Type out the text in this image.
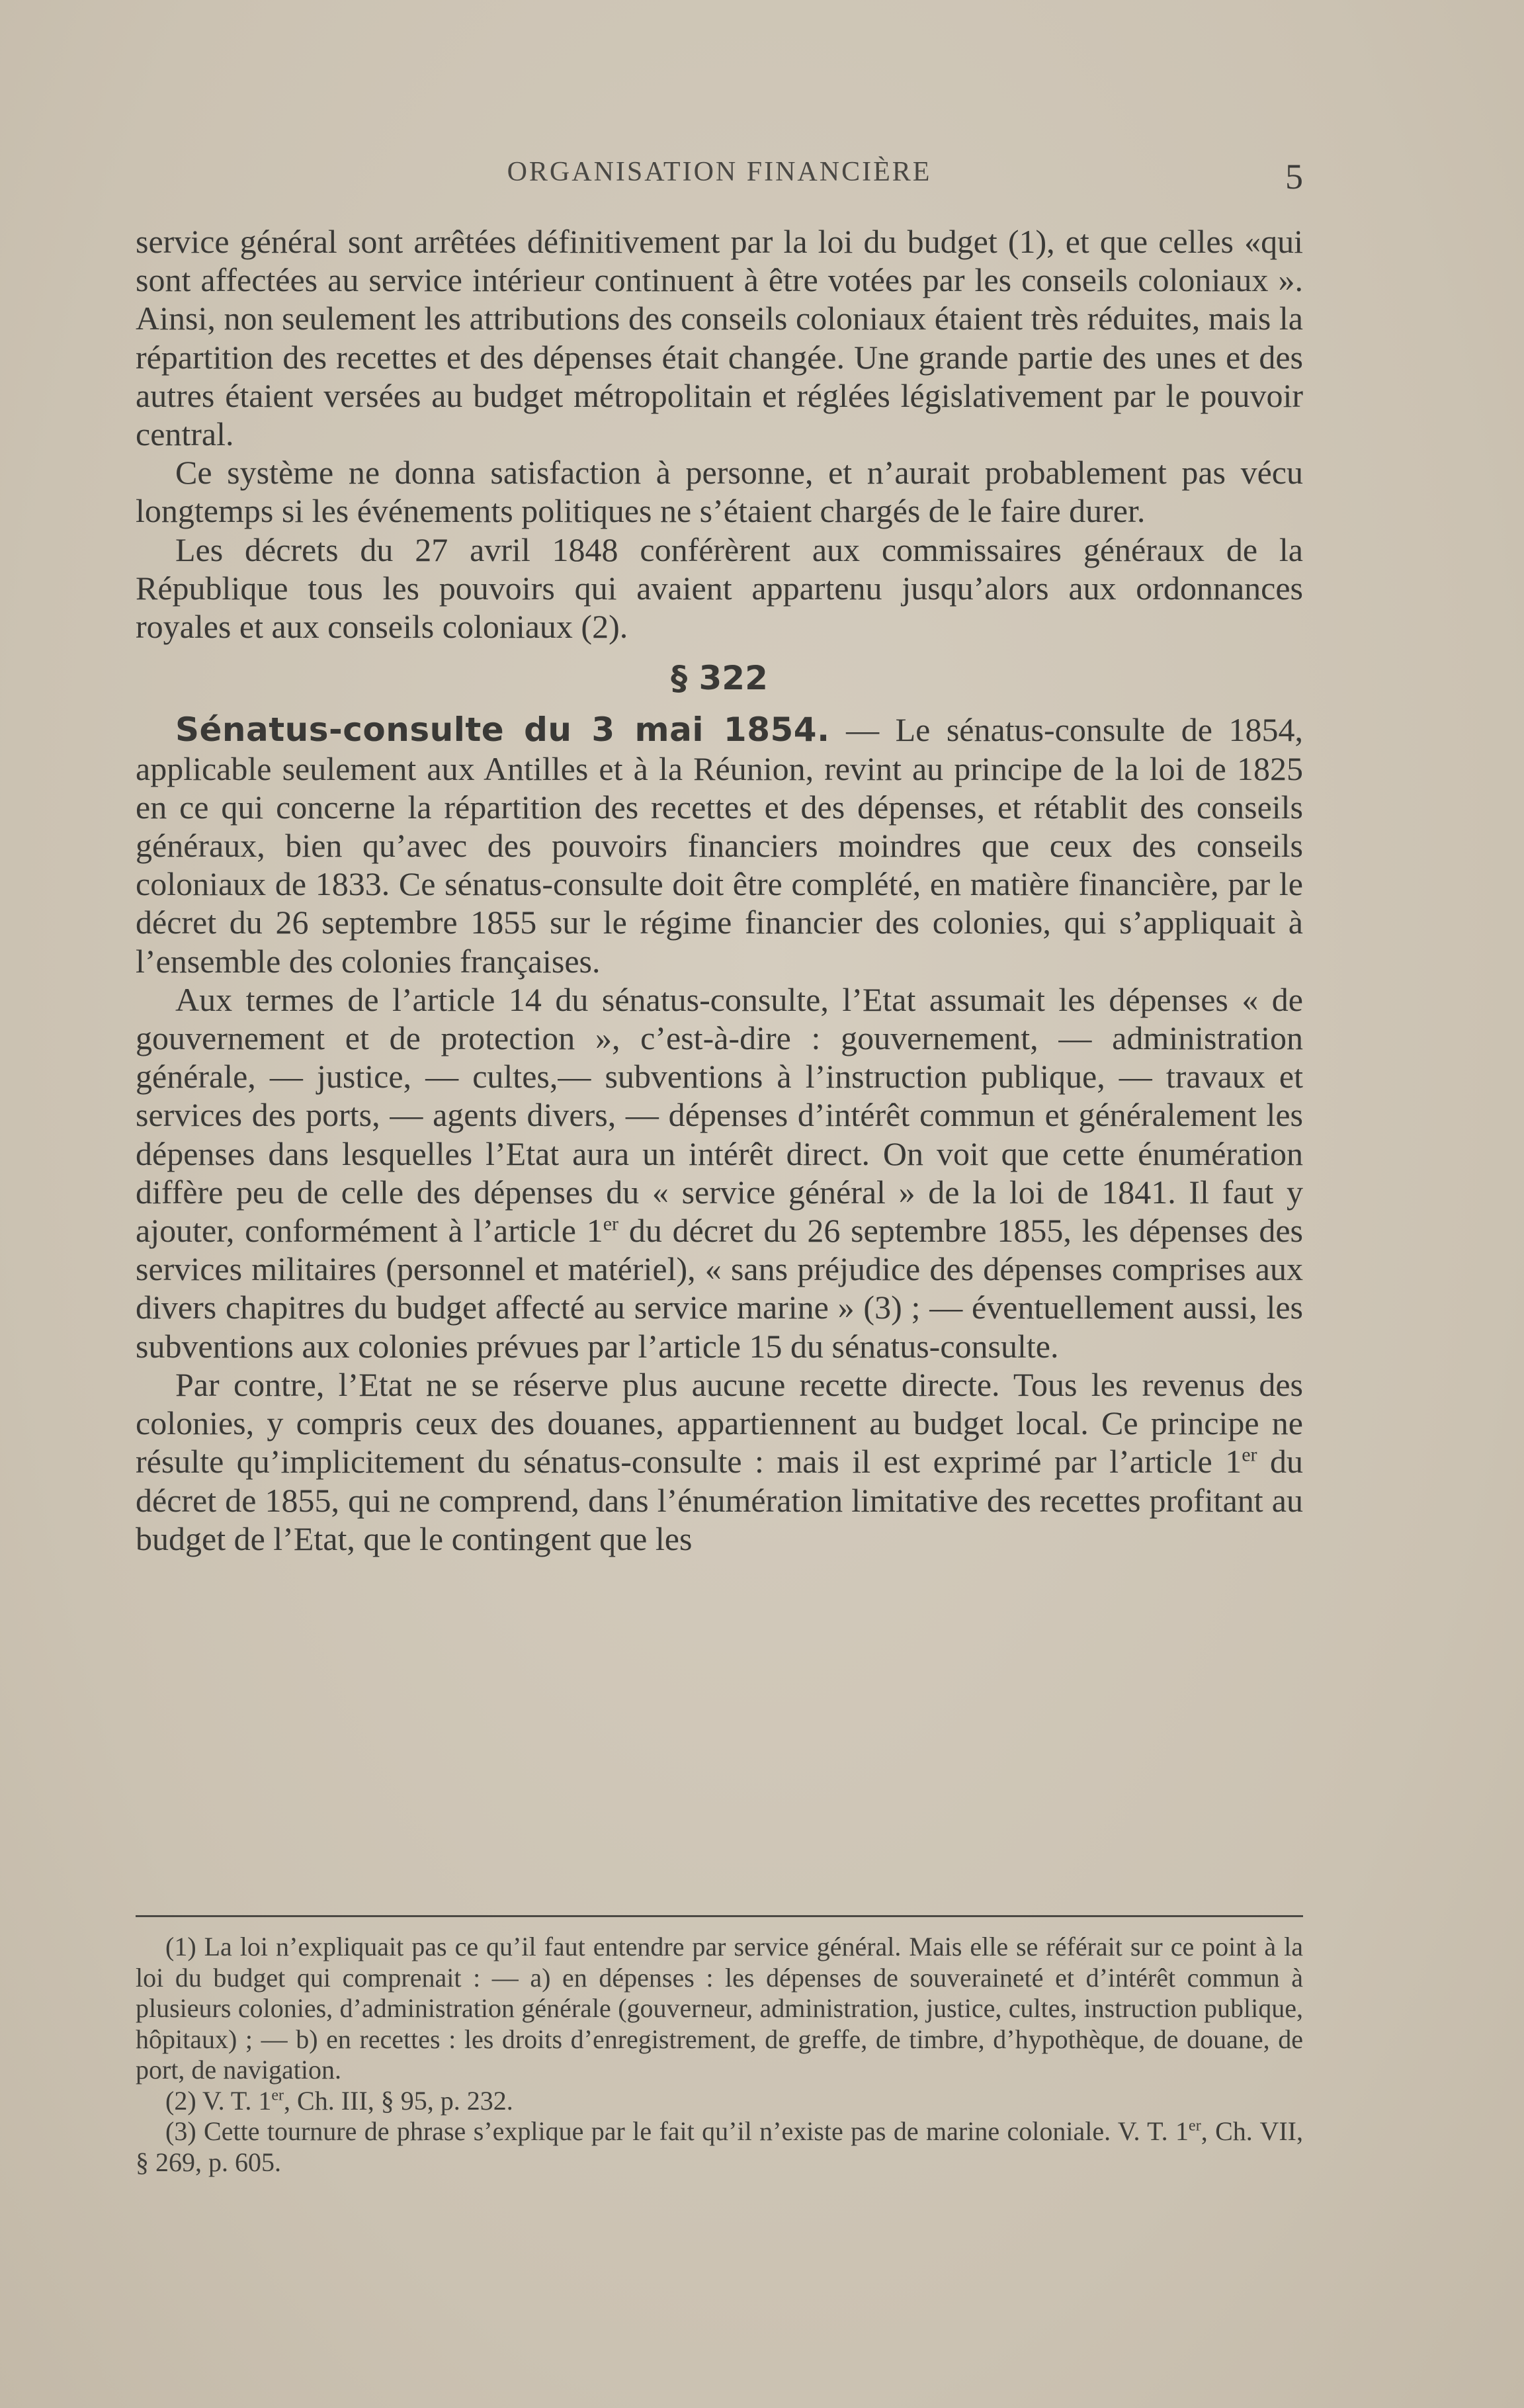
ORGANISATION FINANCIÈRE	5

service général sont arrêtées définitivement par la loi du budget (1), et que celles «qui sont affectées au service intérieur continuent à être votées par les conseils coloniaux ». Ainsi, non seulement les attributions des conseils coloniaux étaient très réduites, mais la répartition des recettes et des dépenses était changée. Une grande partie des unes et des autres étaient versées au budget métropolitain et réglées législativement par le pouvoir central.

Ce système ne donna satisfaction à personne, et n’aurait probablement pas vécu longtemps si les événements politiques ne s’étaient chargés de le faire durer.

Les décrets du 27 avril 1848 conférèrent aux commissaires généraux de la République tous les pouvoirs qui avaient appartenu jusqu’alors aux ordonnances royales et aux conseils coloniaux (2).

§ 322

Sénatus-consulte du 3 mai 1854. — Le sénatus-consulte de 1854, applicable seulement aux Antilles et à la Réunion, revint au principe de la loi de 1825 en ce qui concerne la répartition des recettes et des dépenses, et rétablit des conseils généraux, bien qu’avec des pouvoirs financiers moindres que ceux des conseils coloniaux de 1833. Ce sénatus-consulte doit être complété, en matière financière, par le décret du 26 septembre 1855 sur le régime financier des colonies, qui s’appliquait à l’ensemble des colonies françaises.

Aux termes de l’article 14 du sénatus-consulte, l’Etat assumait les dépenses « de gouvernement et de protection », c’est-à-dire : gouvernement, — administration générale, — justice, — cultes,— subventions à l’instruction publique, — travaux et services des ports, — agents divers, — dépenses d’intérêt commun et généralement les dépenses dans lesquelles l’Etat aura un intérêt direct. On voit que cette énumération diffère peu de celle des dépenses du « service général » de la loi de 1841. Il faut y ajouter, conformément à l’article 1er du décret du 26 septembre 1855, les dépenses des services militaires (personnel et matériel), « sans préjudice des dépenses comprises aux divers chapitres du budget affecté au service marine » (3) ; — éventuellement aussi, les subventions aux colonies prévues par l’article 15 du sénatus-consulte.

Par contre, l’Etat ne se réserve plus aucune recette directe. Tous les revenus des colonies, y compris ceux des douanes, appartiennent au budget local. Ce principe ne résulte qu’implicitement du sénatus-consulte : mais il est exprimé par l’article 1er du décret de 1855, qui ne comprend, dans l’énumération limitative des recettes profitant au budget de l’Etat, que le contingent que les

(1) La loi n’expliquait pas ce qu’il faut entendre par service général. Mais elle se référait sur ce point à la loi du budget qui comprenait : — a) en dépenses : les dépenses de souveraineté et d’intérêt commun à plusieurs colonies, d’administration générale (gouverneur, administration, justice, cultes, instruction publique, hôpitaux) ; — b) en recettes : les droits d’enregistrement, de greffe, de timbre, d’hypothèque, de douane, de port, de navigation.

(2) V. T. 1er, Ch. III, § 95, p. 232.

(3) Cette tournure de phrase s’explique par le fait qu’il n’existe pas de marine coloniale. V. T. 1er, Ch. VII, § 269, p. 605.
